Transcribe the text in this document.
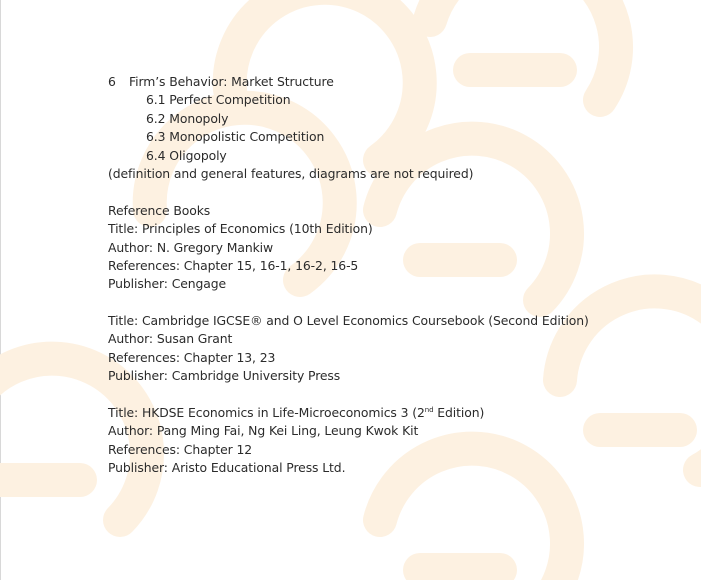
6 Firm’s Behavior: Market Structure
6.1 Perfect Competition
6.2 Monopoly
6.3 Monopolistic Competition
6.4 Oligopoly
(definition and general features, diagrams are not required)
Reference Books
Title: Principles of Economics (10th Edition)
Author: N. Gregory Mankiw
References: Chapter 15, 16-1, 16-2, 16-5
Publisher: Cengage
Title: Cambridge IGCSE® and O Level Economics Coursebook (Second Edition)
Author: Susan Grant
References: Chapter 13, 23
Publisher: Cambridge University Press
Title: HKDSE Economics in Life-Microeconomics 3 (2nd Edition)
Author: Pang Ming Fai, Ng Kei Ling, Leung Kwok Kit
References: Chapter 12
Publisher: Aristo Educational Press Ltd.
